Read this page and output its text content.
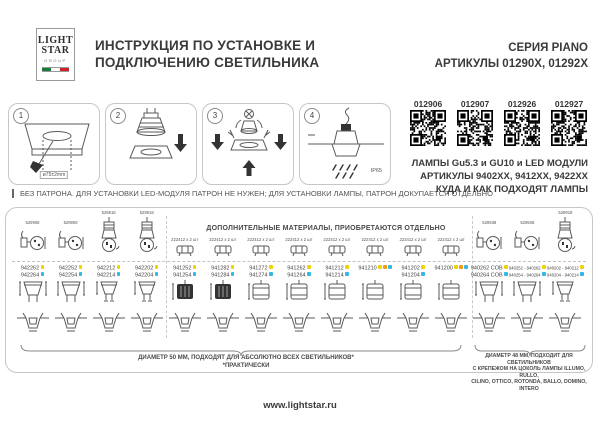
LIGHT
STAR
GROUP
ИНСТРУКЦИЯ ПО УСТАНОВКЕ И
ПОДКЛЮЧЕНИЮ СВЕТИЛЬНИКА
СЕРИЯ PIANO
АРТИКУЛЫ 01290X, 01292X
1
ø75±2mm
2	3	4
IP65
БЕЗ ПАТРОНА. ДЛЯ УСТАНОВКИ LED-МОДУЛЯ ПАТРОН НЕ НУЖЕН; ДЛЯ УСТАНОВКИ ЛАМПЫ, ПАТРОН ДОКУПАЕТСЯ ОТДЕЛЬНО
012906	012907	012926	012927
ЛАМПЫ Gu5.3 и GU10 и LED МОДУЛИ
АРТИКУЛЫ 9402XX, 9412XX, 9422XX
КУДА И КАК ПОДХОДЯТ ЛАМПЫ
ДОПОЛНИТЕЛЬНЫЕ МАТЕРИАЛЫ, ПРИОБРЕТАЮТСЯ ОТДЕЛЬНО
529908
942262
942264
529908
942252
942254
529918
942212
942214
529918
942202
942204
222412 х 2 шт
941252
941254
222412 х 2 шт
941282
941284
222412 х 2 шт
941272
941274
222412 х 2 шт
941262
941264
222412 х 2 шт
941212
941214
222412 х 2 шт
941210
222412 х 2 шт
941202
941204
222412 х 2 шт
941200
529938
940262 COB
940264 COB
529936
940252 - 940262
940254 - 940264
529918
940202 - 940212
940204 - 940214
ДИАМЕТР 50 ММ, ПОДХОДЯТ ДЛЯ АБСОЛЮТНО ВСЕХ СВЕТИЛЬНИКОВ*
*ПРАКТИЧЕСКИ
ДИАМЕТР 48 ММ, ПОДХОДИТ ДЛЯ СВЕТИЛЬНИКОВ
С КРЕПЕЖОМ НА ЦОКОЛЬ ЛАМПЫ ILLUMO, RULLO,
CILINO, OTTICO, ROTONDA, BALLO, DOMINO, INTERO
www.lightstar.ru
